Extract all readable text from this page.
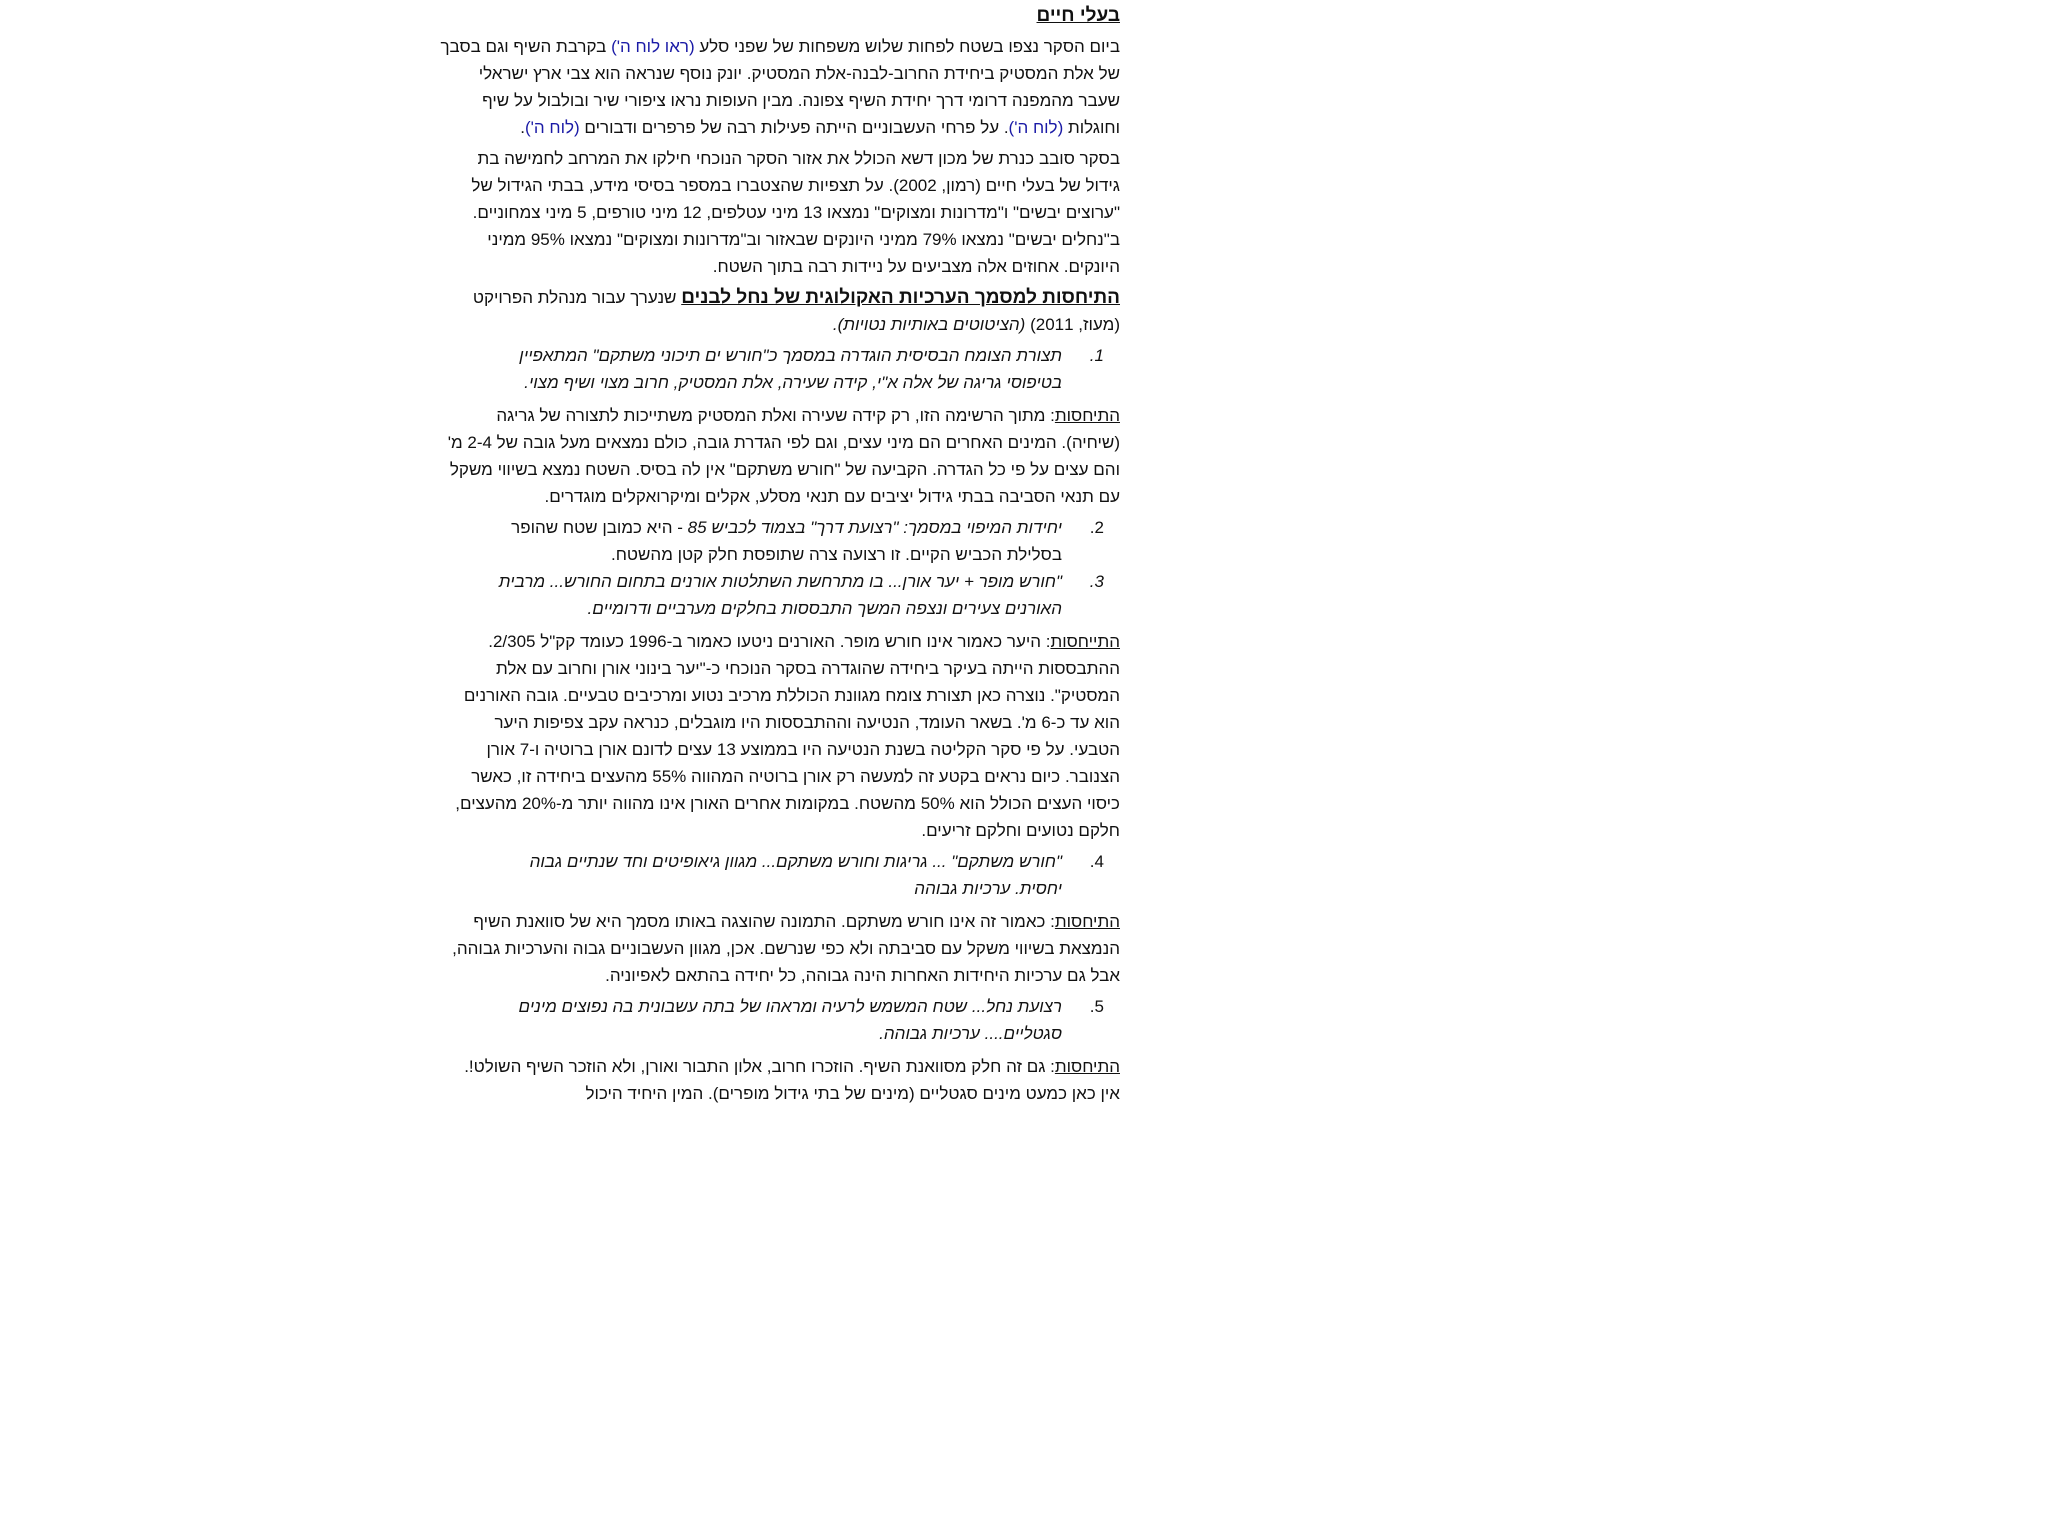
בעלי חיים

ביום הסקר נצפו בשטח לפחות שלוש משפחות של שפני סלע (ראו לוח ה') בקרבת השיף וגם בסבך של אלת המסטיק ביחידת החרוב-לבנה-אלת המסטיק. יונק נוסף שנראה הוא צבי ארץ ישראלי שעבר מהמפנה דרומי דרך יחידת השיף צפונה. מבין העופות נראו ציפורי שיר ובולבול על שיף וחוגלות (לוח ה'). על פרחי העשבוניים הייתה פעילות רבה של פרפרים ודבורים (לוח ה').

בסקר סובב כנרת של מכון דשא הכולל את אזור הסקר הנוכחי חילקו את המרחב לחמישה בת גידול של בעלי חיים (רמון, 2002). על תצפיות שהצטברו במספר בסיסי מידע, בבתי הגידול של "ערוצים יבשים" ו"מדרונות ומצוקים" נמצאו 13 מיני עטלפים, 12 מיני טורפים, 5 מיני צמחוניים. ב"נחלים יבשים" נמצאו 79% ממיני היונקים שבאזור וב"מדרונות ומצוקים" נמצאו 95% ממיני היונקים. אחוזים אלה מצביעים על ניידות רבה בתוך השטח.

התיחסות למסמך הערכיות האקולוגית של נחל לבנים שנערך עבור מנהלת הפרויקט (מעוז, 2011) (הציטוטים באותיות נטויות).

1.
תצורת הצומח הבסיסית הוגדרה במסמך כ"חורש ים תיכוני משתקם" המתאפיין בטיפוסי גריגה של אלה א"י, קידה שעירה, אלת המסטיק, חרוב מצוי ושיף מצוי.

התיחסות: מתוך הרשימה הזו, רק קידה שעירה ואלת המסטיק משתייכות לתצורה של גריגה (שיחיה). המינים האחרים הם מיני עצים, וגם לפי הגדרת גובה, כולם נמצאים מעל גובה של 2-4 מ' והם עצים על פי כל הגדרה. הקביעה של "חורש משתקם" אין לה בסיס. השטח נמצא בשיווי משקל עם תנאי הסביבה בבתי גידול יציבים עם תנאי מסלע, אקלים ומיקרואקלים מוגדרים.

2.
יחידות המיפוי במסמך: "רצועת דרך" בצמוד לכביש 85 - היא כמובן שטח שהופר בסלילת הכביש הקיים. זו רצועה צרה שתופסת חלק קטן מהשטח.
3.
"חורש מופר + יער אורן... בו מתרחשת השתלטות אורנים בתחום החורש... מרבית האורנים צעירים ונצפה המשך התבססות בחלקים מערביים ודרומיים.

התייחסות: היער כאמור אינו חורש מופר. האורנים ניטעו כאמור ב-1996 כעומד קק"ל 2/305. ההתבססות הייתה בעיקר ביחידה שהוגדרה בסקר הנוכחי כ-"יער בינוני אורן וחרוב עם אלת המסטיק". נוצרה כאן תצורת צומח מגוונת הכוללת מרכיב נטוע ומרכיבים טבעיים. גובה האורנים הוא עד כ-6 מ'. בשאר העומד, הנטיעה וההתבססות היו מוגבלים, כנראה עקב צפיפות היער הטבעי. על פי סקר הקליטה בשנת הנטיעה היו בממוצע 13 עצים לדונם אורן ברוטיה ו-7 אורן הצנובר. כיום נראים בקטע זה למעשה רק אורן ברוטיה המהווה 55% מהעצים ביחידה זו, כאשר כיסוי העצים הכולל הוא 50% מהשטח. במקומות אחרים האורן אינו מהווה יותר מ-20% מהעצים, חלקם נטועים וחלקם זריעים.

4.
"חורש משתקם" ... גריגות וחורש משתקם... מגוון גיאופיטים וחד שנתיים גבוה יחסית. ערכיות גבוהה

התיחסות: כאמור זה אינו חורש משתקם. התמונה שהוצגה באותו מסמך היא של סוואנת השיף הנמצאת בשיווי משקל עם סביבתה ולא כפי שנרשם. אכן, מגוון העשבוניים גבוה והערכיות גבוהה, אבל גם ערכיות היחידות האחרות הינה גבוהה, כל יחידה בהתאם לאפיוניה.

5.
רצועת נחל... שטח המשמש לרעיה ומראהו של בתה עשבונית בה נפוצים מינים סגטליים.... ערכיות גבוהה.

התיחסות: גם זה חלק מסוואנת השיף. הוזכרו חרוב, אלון התבור ואורן, ולא הוזכר השיף השולט!. אין כאן כמעט מינים סגטליים (מינים של בתי גידול מופרים). המין היחיד היכול
